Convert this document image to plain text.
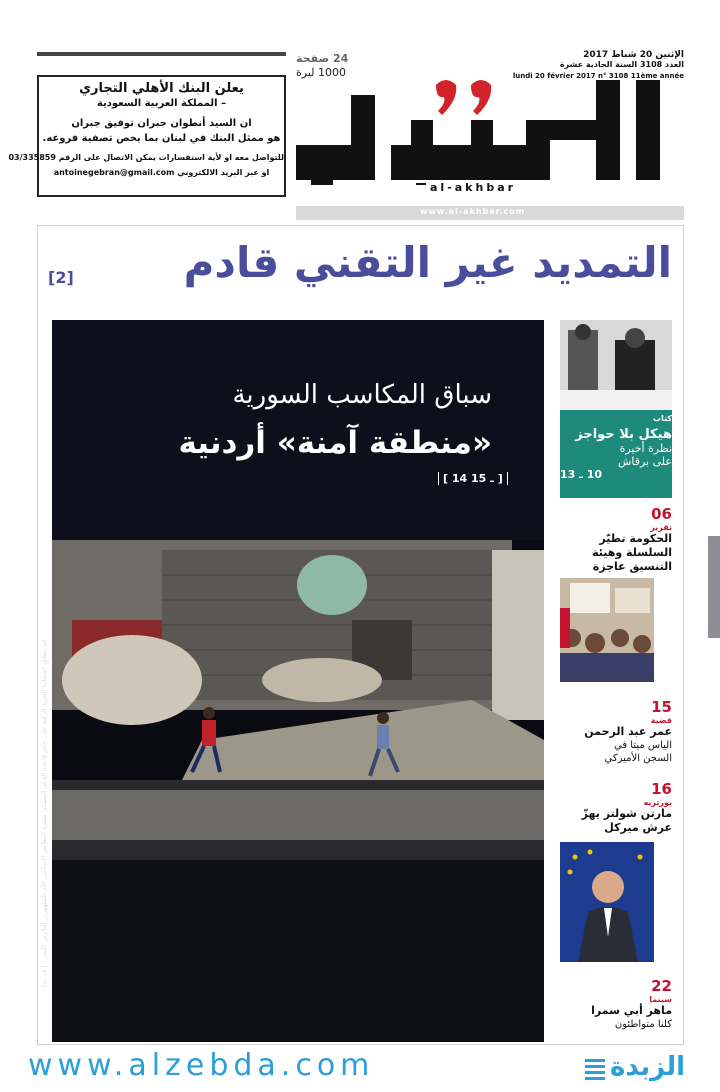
يعلن البنك الأهلي التجاري
– المملكة العربية السعودية
ان السيد أنطوان جبران توفيق جبران
هو ممثل البنك في لبنان بما يخص تصفية فروعه.
للتواصل معه او لأية استفسارات يمكن الاتصال على الرقم 03/335859
او عبر البريد الالكتروني antoinegebran@gmail.com
24 صفحة
1000 ليرة
الإثنين 20 شباط 2017
العدد 3108 السنة الحادية عشرة
lundi 20 février 2017 n° 3108 11ème année
al-akhbar
www.al-akhbar.com
التمديد غير التقني قادم
[2]
سباق المكاسب السورية
«منطقة آمنة» أردنية
[ 14 ـ 15 ]
ليد مقاتلٍ استعادة الحرية الزكية على حافر قاعدة الحكم المتمدن مقبرة المعاصر الإسلامي الأم للمقهورين الثائرين (أيمن ـ أ ف ب)
كتاب
هيكل بلا حواجز
نظرة أخيرة
على برقاش
10 ـ 13
06
تقرير
الحكومة تطيّر
السلسلة وهيئة
التنسيق عاجزة
15
قضية
عمر عبد الرحمن
الياس ميتا في
السجن الأميركي
16
بورتريه
مارتن شولتز يهزّ
عرش ميركل
22
سينما
ماهر أبي سمرا
كلنا متواطئون
www.alzebda.com	الزبدة
